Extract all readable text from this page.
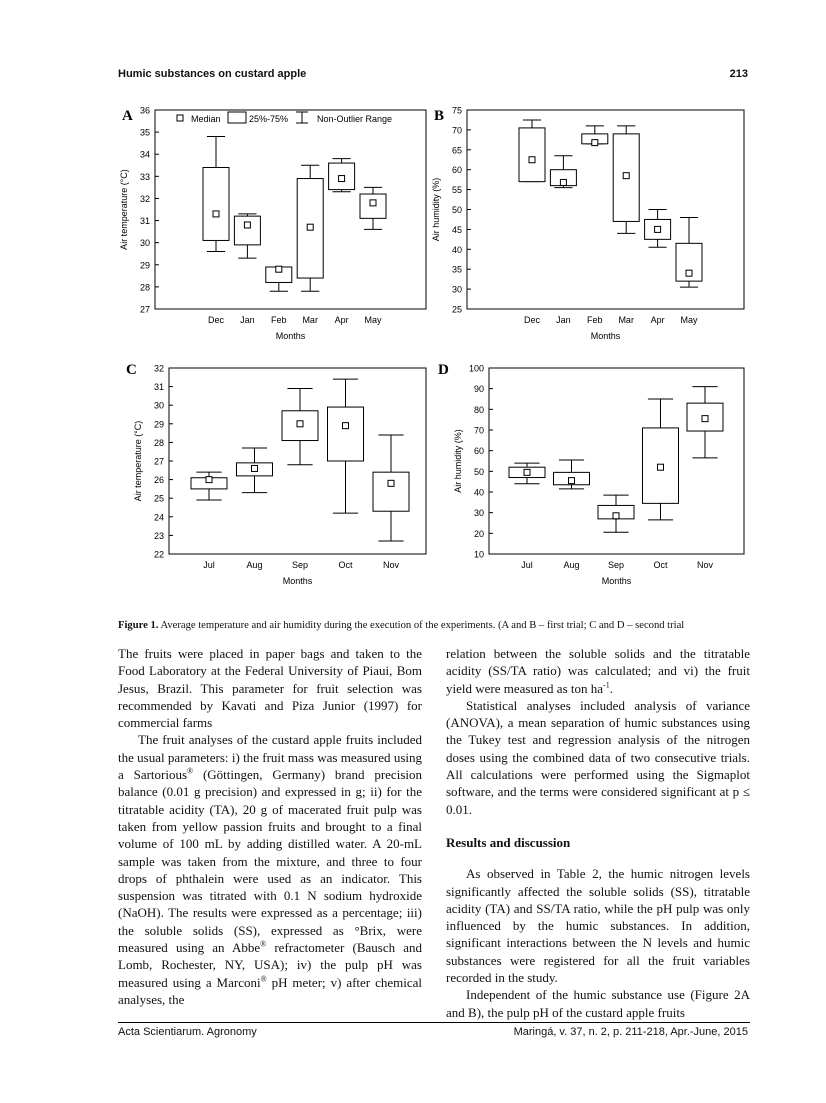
Humic substances on custard apple	213
A	Median	25%-75%	Non-Outlier Range
27
28
29
30
31
32
33
34
35
36
Air temperature (°C)
Dec Jan Feb Mar Apr May
Months
B
25
30
35
40
45
50
55
60
65
70
75
Air humidity (%)
Dec Jan Feb Mar Apr May
Months
C
22
23
24
25
26
27
28
29
30
31
32
Air temperature (°C)
Jul	Aug	Sep	Oct	Nov
Months
D
10
20
30
40
50
60
70
80
90
100
Air humidity (%)
Jul	Aug	Sep	Oct	Nov
Months
Figure 1. Average temperature and air humidity during the execution of the experiments. (A and B – first trial; C and D – second trial

The fruits were placed in paper bags and taken to the Food Laboratory at the Federal University of Piaui, Bom Jesus, Brazil. This parameter for fruit selection was recommended by Kavati and Piza Junior (1997) for commercial farms

The fruit analyses of the custard apple fruits included the usual parameters: i) the fruit mass was measured using a Sartorious® (Göttingen, Germany) brand precision balance (0.01 g precision) and expressed in g; ii) for the titratable acidity (TA), 20 g of macerated fruit pulp was taken from yellow passion fruits and brought to a final volume of 100 mL by adding distilled water. A 20-mL sample was taken from the mixture, and three to four drops of phthalein were used as an indicator. This suspension was titrated with 0.1 N sodium hydroxide (NaOH). The results were expressed as a percentage; iii) the soluble solids (SS), expressed as °Brix, were measured using an Abbe® refractometer (Bausch and Lomb, Rochester, NY, USA); iv) the pulp pH was measured using a Marconi® pH meter; v) after chemical analyses, the

relation between the soluble solids and the titratable acidity (SS/TA ratio) was calculated; and vi) the fruit yield were measured as ton $ha^{-1}$.

Statistical analyses included analysis of variance (ANOVA), a mean separation of humic substances using the Tukey test and regression analysis of the nitrogen doses using the combined data of two consecutive trials. All calculations were performed using the Sigmaplot software, and the terms were considered significant at p ≤ 0.01.

Results and discussion

As observed in Table 2, the humic nitrogen levels significantly affected the soluble solids (SS), titratable acidity (TA) and SS/TA ratio, while the pH pulp was only influenced by the humic substances. In addition, significant interactions between the N levels and humic substances were registered for all the fruit variables recorded in the study.

Independent of the humic substance use (Figure 2A and B), the pulp pH of the custard apple fruits

Acta Scientiarum. Agronomy	Maringá, v. 37, n. 2, p. 211-218, Apr.-June, 2015
